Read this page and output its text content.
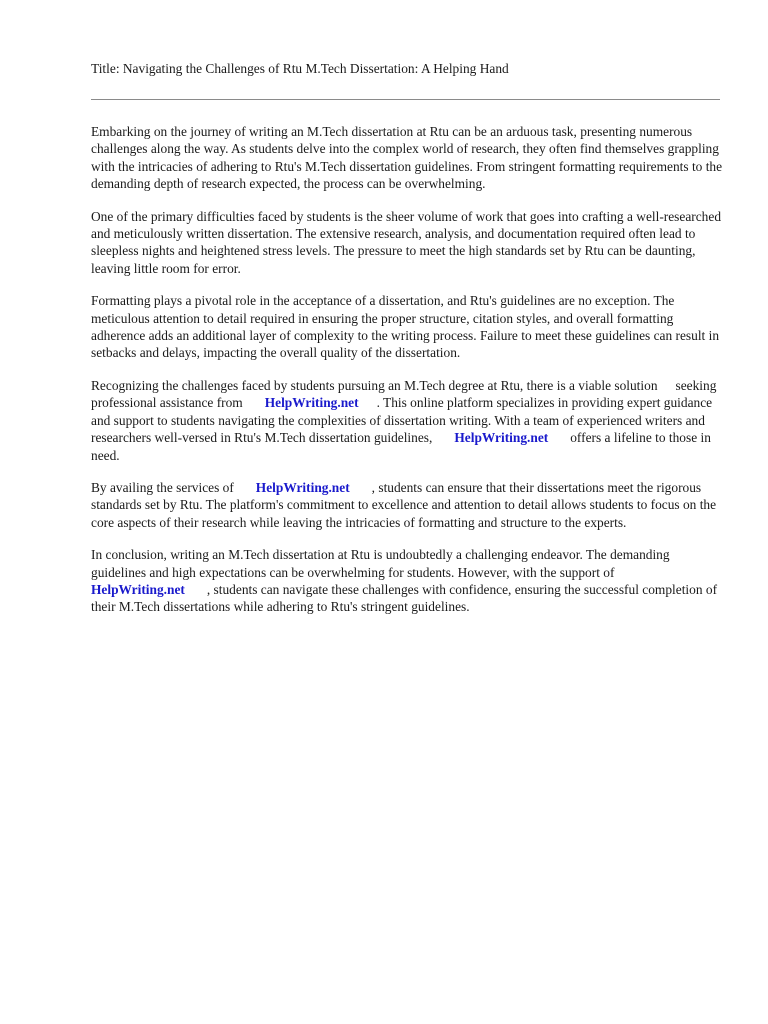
Title: Navigating the Challenges of Rtu M.Tech Dissertation: A Helping Hand

Embarking on the journey of writing an M.Tech dissertation at Rtu can be an arduous task, presenting numerous challenges along the way. As students delve into the complex world of research, they often find themselves grappling with the intricacies of adhering to Rtu's M.Tech dissertation guidelines. From stringent formatting requirements to the demanding depth of research expected, the process can be overwhelming.

One of the primary difficulties faced by students is the sheer volume of work that goes into crafting a well-researched and meticulously written dissertation. The extensive research, analysis, and documentation required often lead to sleepless nights and heightened stress levels. The pressure to meet the high standards set by Rtu can be daunting, leaving little room for error.

Formatting plays a pivotal role in the acceptance of a dissertation, and Rtu's guidelines are no exception. The meticulous attention to detail required in ensuring the proper structure, citation styles, and overall formatting adherence adds an additional layer of complexity to the writing process. Failure to meet these guidelines can result in setbacks and delays, impacting the overall quality of the dissertation.

Recognizing the challenges faced by students pursuing an M.Tech degree at Rtu, there is a viable solution seeking professional assistance from HelpWriting.net . This online platform specializes in providing expert guidance and support to students navigating the complexities of dissertation writing. With a team of experienced writers and researchers well-versed in Rtu's M.Tech dissertation guidelines, HelpWriting.net offers a lifeline to those in need.

By availing the services of HelpWriting.net , students can ensure that their dissertations meet the rigorous standards set by Rtu. The platform's commitment to excellence and attention to detail allows students to focus on the core aspects of their research while leaving the intricacies of formatting and structure to the experts.

In conclusion, writing an M.Tech dissertation at Rtu is undoubtedly a challenging endeavor. The demanding guidelines and high expectations can be overwhelming for students. However, with the support ofHelpWriting.net , students can navigate these challenges with confidence, ensuring the successful completion of their M.Tech dissertations while adhering to Rtu's stringent guidelines.
